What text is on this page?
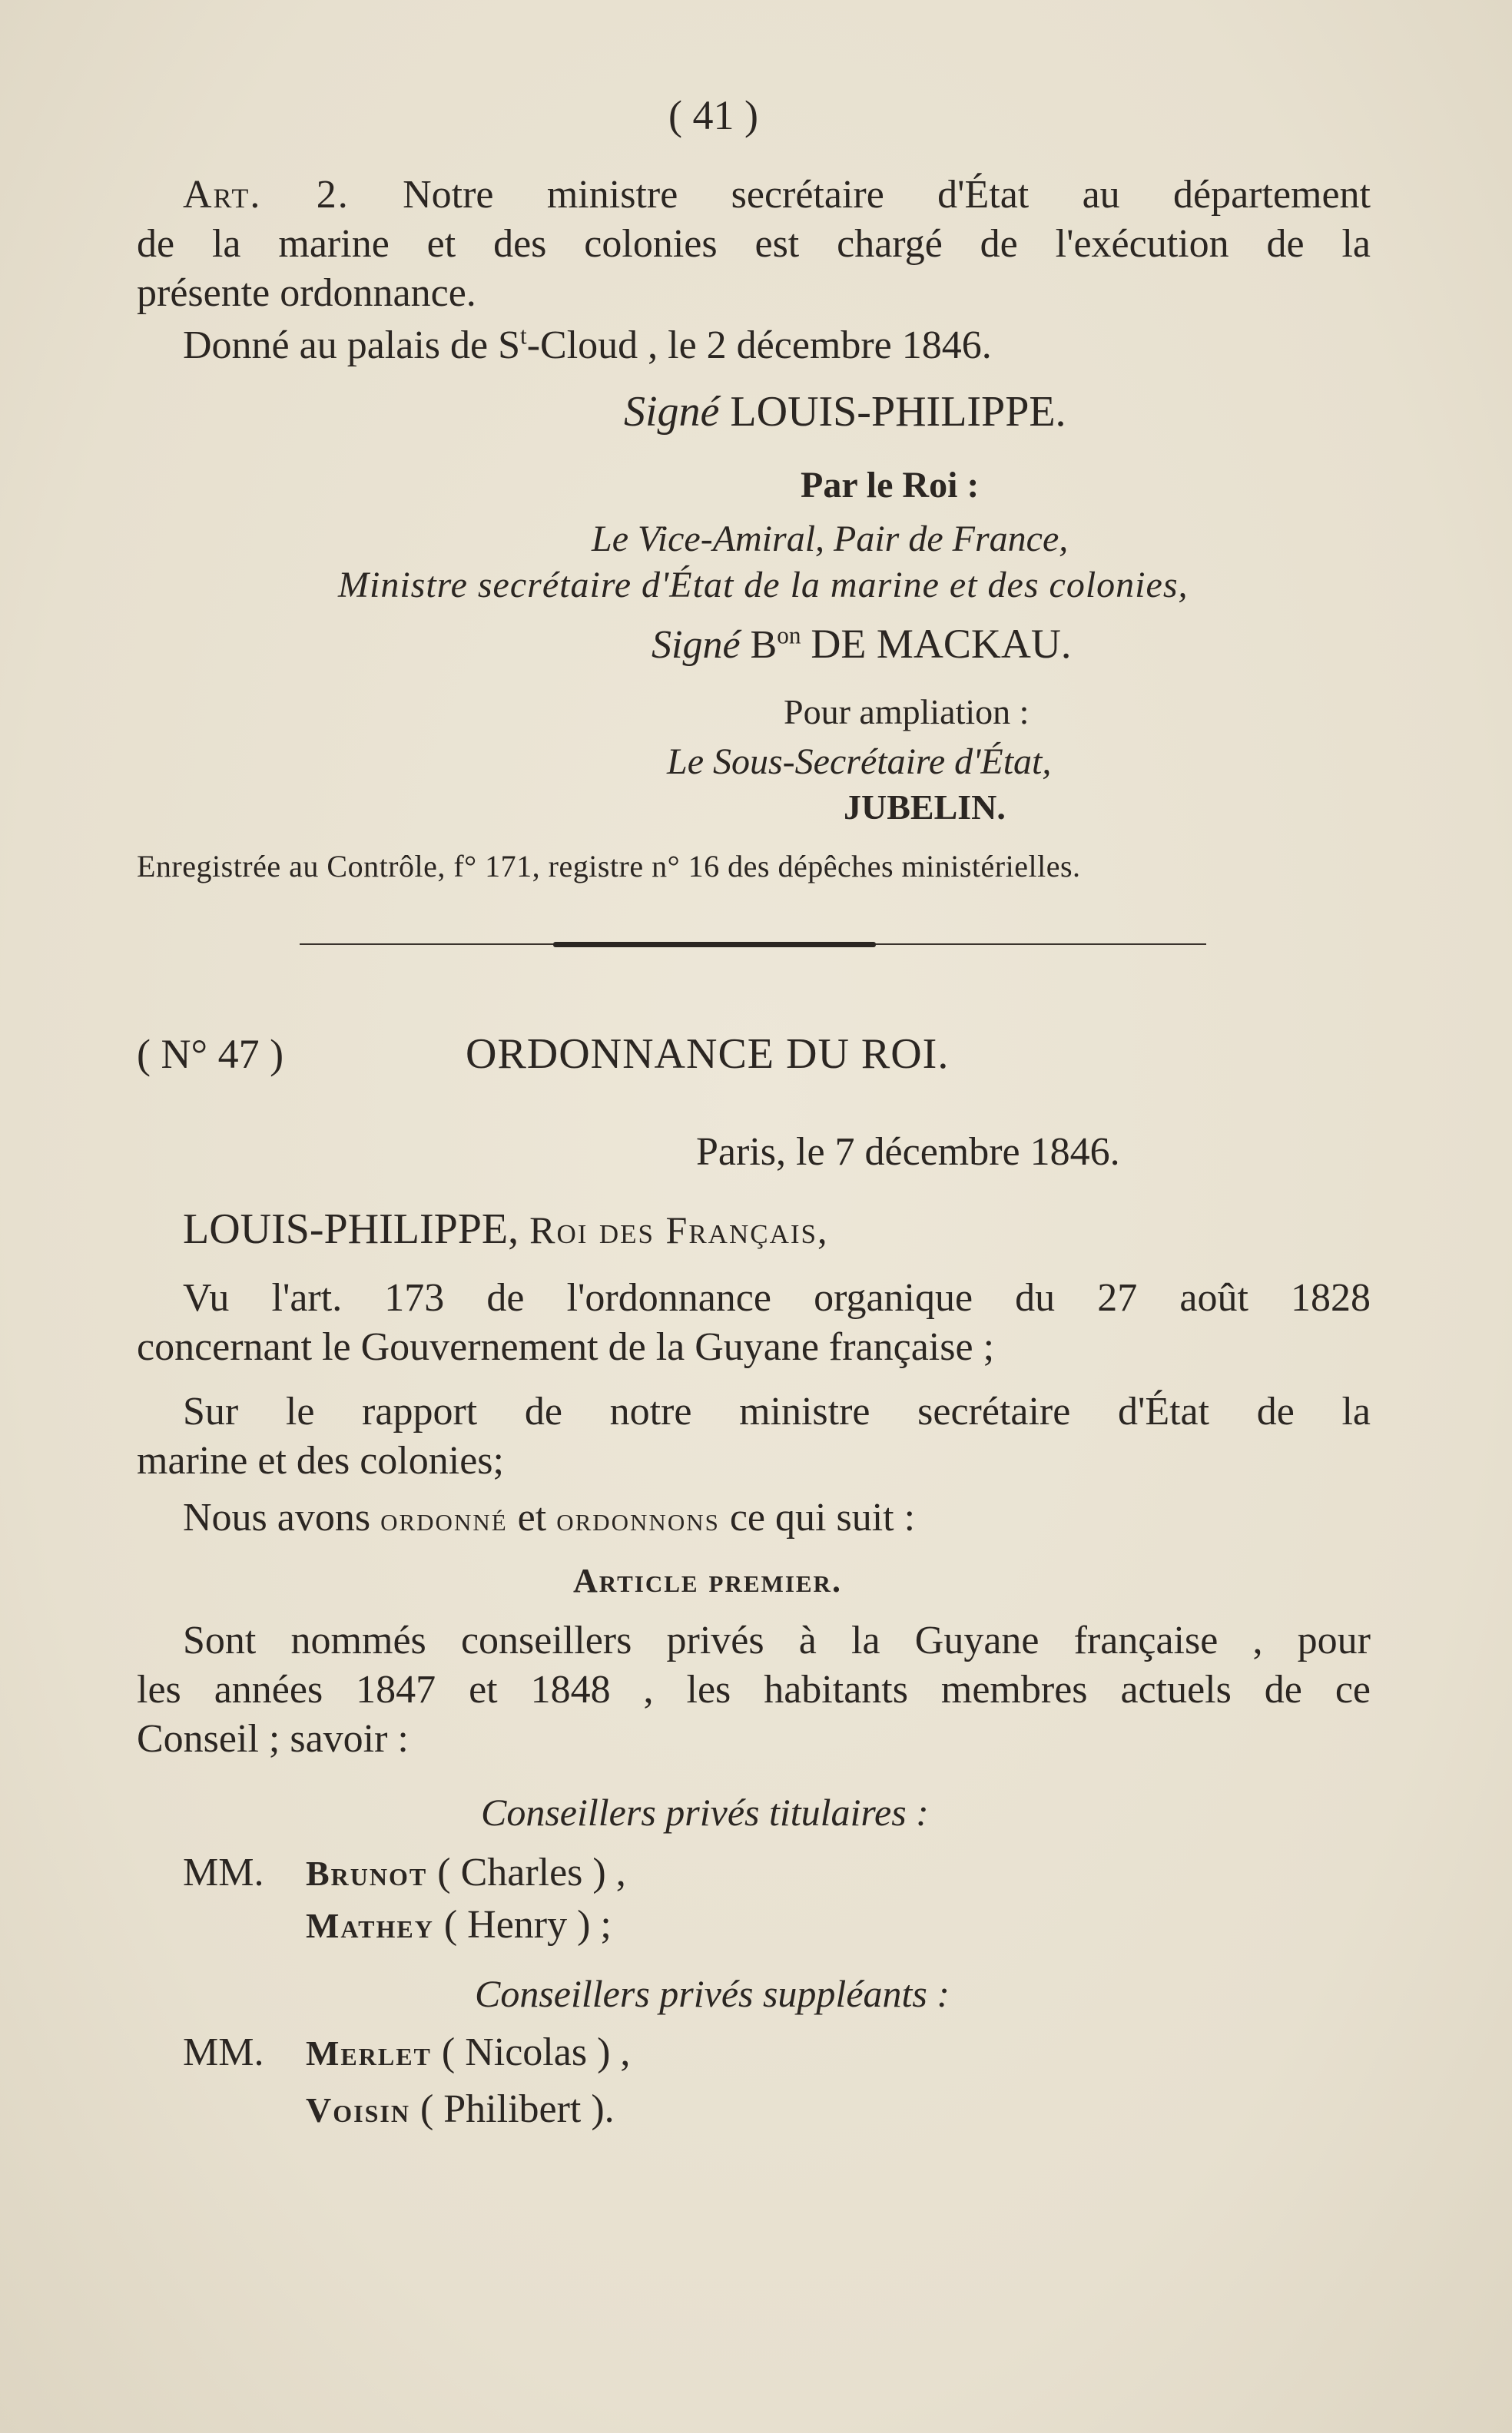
( 41 )
Art. 2. Notre ministre secrétaire d'État au département
de la marine et des colonies est chargé de l'exécution de la
présente ordonnance.
Donné au palais de $S^t$-Cloud , le 2 décembre 1846.
Signé LOUIS-PHILIPPE.
Par le Roi :
Le Vice-Amiral, Pair de France,
Ministre secrétaire d'État de la marine et des colonies,
Signé $B^{on}$ DE MACKAU.
Pour ampliation :
Le Sous-Secrétaire d'État,
JUBELIN.
Enregistrée au Contrôle, f° 171, registre n° 16 des dépêches ministérielles.
( N° 47 )	ORDONNANCE DU ROI.
Paris, le 7 décembre 1846.
LOUIS-PHILIPPE, Roi des Français,
Vu l'art. 173 de l'ordonnance organique du 27 août 1828
concernant le Gouvernement de la Guyane française ;
Sur le rapport de notre ministre secrétaire d'État de la
marine et des colonies;
Nous avons ordonné et ordonnons ce qui suit :
Article premier.
Sont nommés conseillers privés à la Guyane française , pour
les années 1847 et 1848 , les habitants membres actuels de ce
Conseil ; savoir :
Conseillers privés titulaires :
MM. Brunot ( Charles ) ,
Mathey ( Henry ) ;
Conseillers privés suppléants :
MM. Merlet ( Nicolas ) ,
Voisin ( Philibert ).
